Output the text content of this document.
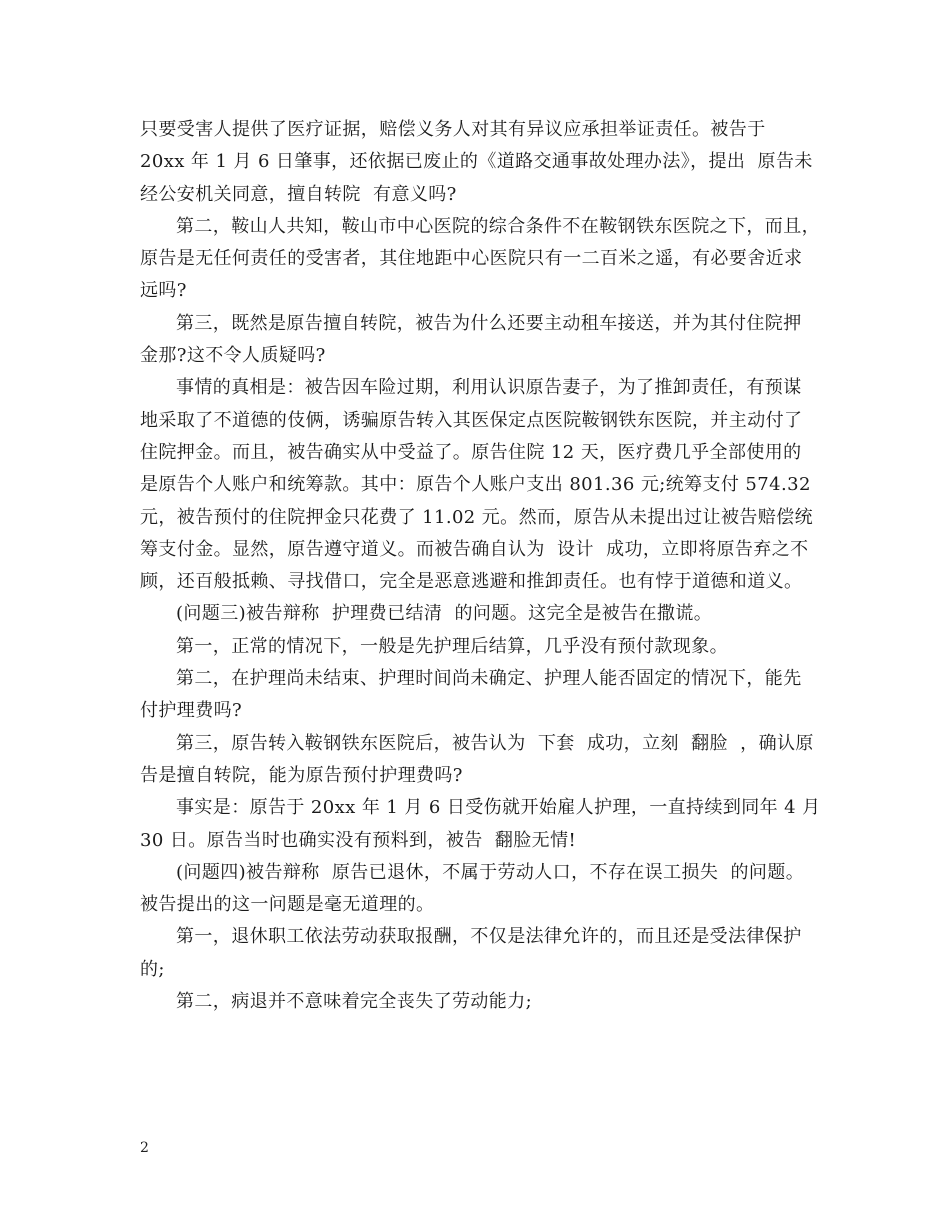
只要受害人提供了医疗证据，赔偿义务人对其有异议应承担举证责任。被告于
20xx 年 1 月 6 日肇事，还依据已废止的《道路交通事故处理办法》，提出  原告未
经公安机关同意，擅自转院  有意义吗?
第二，鞍山人共知，鞍山市中心医院的综合条件不在鞍钢铁东医院之下，而且，
原告是无任何责任的受害者，其住地距中心医院只有一二百米之遥，有必要舍近求
远吗?
第三，既然是原告擅自转院，被告为什么还要主动租车接送，并为其付住院押
金那?这不令人质疑吗?
事情的真相是：被告因车险过期，利用认识原告妻子，为了推卸责任，有预谋
地采取了不道德的伎俩，诱骗原告转入其医保定点医院鞍钢铁东医院，并主动付了
住院押金。而且，被告确实从中受益了。原告住院 12 天，医疗费几乎全部使用的
是原告个人账户和统筹款。其中：原告个人账户支出 801.36 元;统筹支付 574.32
元，被告预付的住院押金只花费了 11.02 元。然而，原告从未提出过让被告赔偿统
筹支付金。显然，原告遵守道义。而被告确自认为  设计  成功，立即将原告弃之不
顾，还百般抵赖、寻找借口，完全是恶意逃避和推卸责任。也有悖于道德和道义。
(问题三)被告辩称  护理费已结清  的问题。这完全是被告在撒谎。
第一，正常的情况下，一般是先护理后结算，几乎没有预付款现象。
第二，在护理尚未结束、护理时间尚未确定、护理人能否固定的情况下，能先
付护理费吗?
第三，原告转入鞍钢铁东医院后，被告认为  下套  成功，立刻  翻脸  ，确认原
告是擅自转院，能为原告预付护理费吗?
事实是：原告于 20xx 年 1 月 6 日受伤就开始雇人护理，一直持续到同年 4 月
30 日。原告当时也确实没有预料到，被告  翻脸无情!
(问题四)被告辩称  原告已退休，不属于劳动人口，不存在误工损失  的问题。
被告提出的这一问题是毫无道理的。
第一，退休职工依法劳动获取报酬，不仅是法律允许的，而且还是受法律保护
的;
第二，病退并不意味着完全丧失了劳动能力;
2
